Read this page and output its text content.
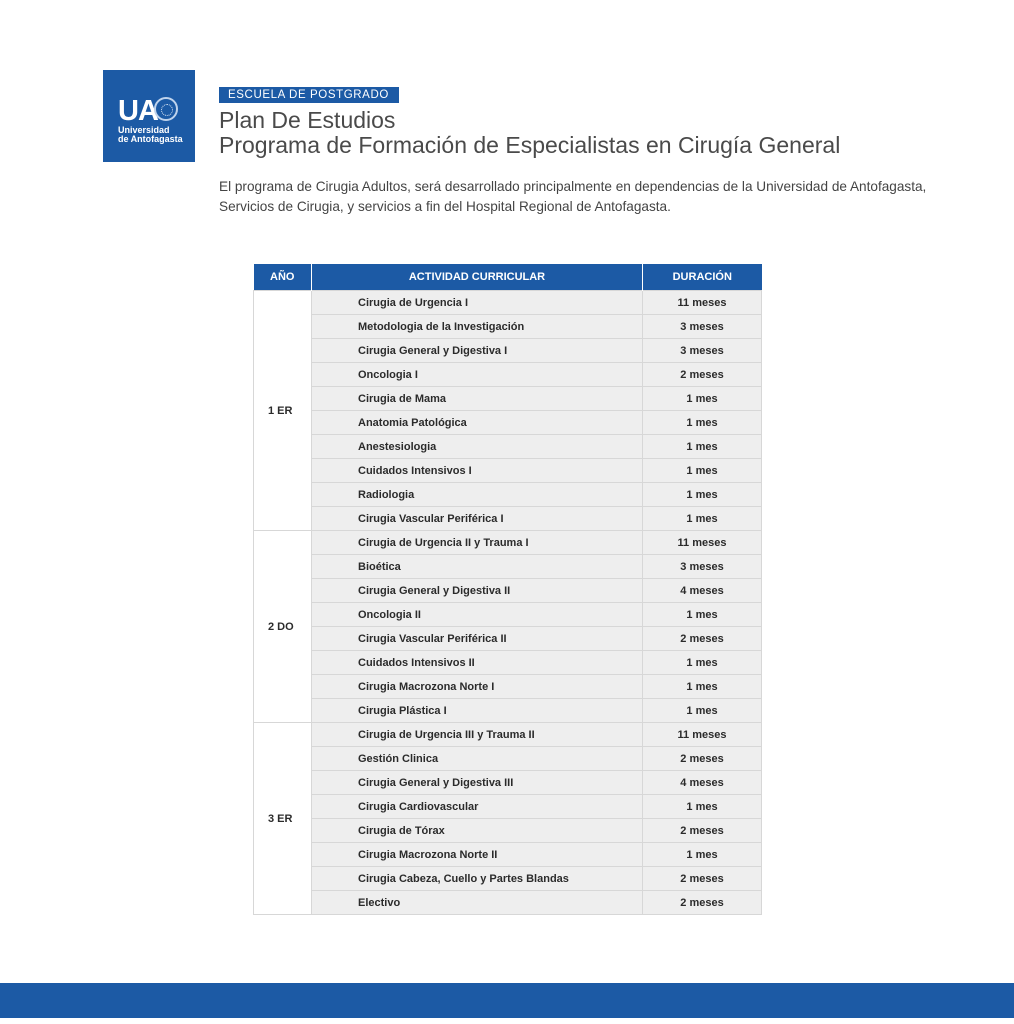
UA
Universidad
de Antofagasta
ESCUELA DE POSTGRADO
Plan De Estudios
Programa de Formación de Especialistas en Cirugía General
El programa de Cirugia Adultos, será desarrollado principalmente en dependencias de la Universidad de Antofagasta, Servicios de Cirugia, y servicios a fin del Hospital Regional de Antofagasta.
AÑO	ACTIVIDAD CURRICULAR	DURACIÓN
1 ER	Cirugia de Urgencia I	11 meses
	Metodologia de la Investigación	3 meses
	Cirugia General y Digestiva I	3 meses
	Oncologia I	2 meses
	Cirugia de Mama	1 mes
	Anatomia Patológica	1 mes
	Anestesiologia	1 mes
	Cuidados Intensivos I	1 mes
	Radiologia	1 mes
	Cirugia Vascular Periférica I	1 mes
2 DO	Cirugia de Urgencia II y Trauma I	11 meses
	Bioética	3 meses
	Cirugia General y Digestiva II	4 meses
	Oncologia II	1 mes
	Cirugia Vascular Periférica II	2 meses
	Cuidados Intensivos II	1 mes
	Cirugia Macrozona Norte I	1 mes
	Cirugia Plástica I	1 mes
3 ER	Cirugia de Urgencia III y Trauma II	11 meses
	Gestión Clinica	2 meses
	Cirugia General y Digestiva III	4 meses
	Cirugia Cardiovascular	1 mes
	Cirugia de Tórax	2 meses
	Cirugia Macrozona Norte II	1 mes
	Cirugia Cabeza, Cuello y Partes Blandas	2 meses
	Electivo	2 meses
